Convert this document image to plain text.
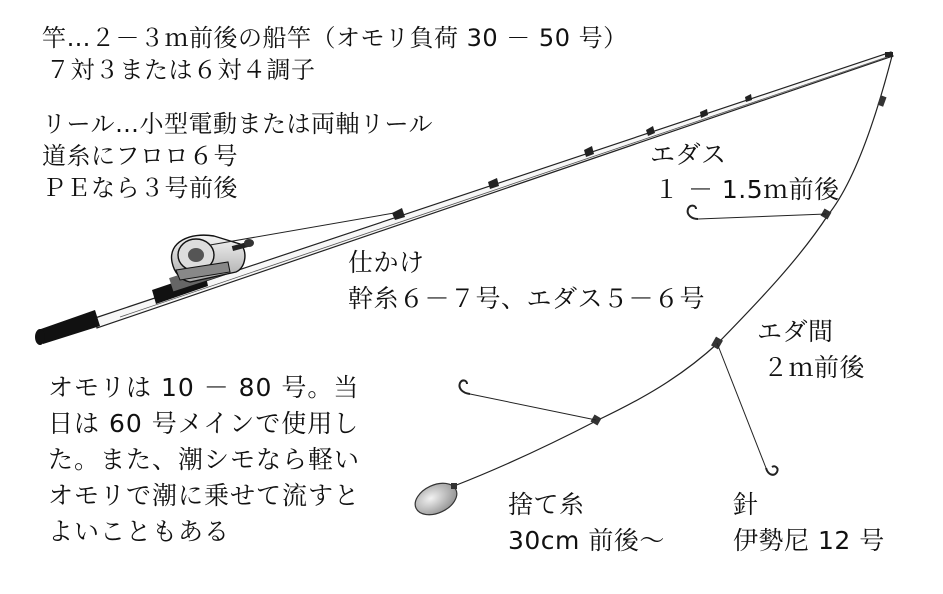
竿…２－３ｍ前後の船竿（オモリ負荷 30 － 50 号）
７対３または６対４調子
リール…小型電動または両軸リール
道糸にフロロ６号
ＰＥなら３号前後
仕かけ
幹糸６－７号、エダス５－６号
エダス
１ － 1.5ｍ前後
エダ間
２ｍ前後
オモリは 10 － 80 号。当
日は 60 号メインで使用し
た。また、潮シモなら軽い
オモリで潮に乗せて流すと
よいこともある
捨て糸
30cm 前後～
針
伊勢尼 12 号
